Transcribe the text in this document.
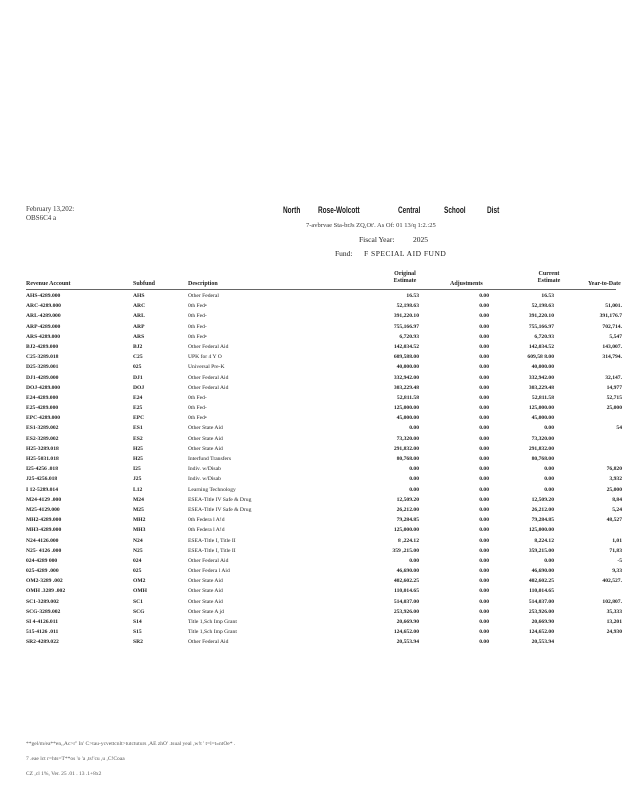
February 13,202:
OBS6C4 a
North Rose-Wolcott	Central	School Dist
7-avbrvae Sta-brJs ZQ,Ot'. As Of: 01 13/q 1:2.:25
Fiscal Year: 2025
Fund: F SPECIAL AID FUND
Revenue Account	Subfund	Description
Original Estimate	Adjustments
Current Estimate	Year-to-Date
AHS-4289.000	AHS	Other Federal	16.53	0.00	16.53
ARC-4289.000	ARC	0th Fed•	52,198.63	0.00	52,198.63	51,001.
ARL-4289.000	ARL	0th Fed-	391,220.10	0.00	391,220.10	391,176.7
ARP-4289.000	ARP	0th Fed-	755,166.97	0.00	755,166.97	702,714.
ARS-4289.000	ARS	0th Fed•	6,720.93	0.00	6,720.93	5,547
BJ2-4289.000	BJ2	Other Federal Aid	142,034.52	0.00	142,034.52	143,007.
C25-3289.018	C25	UPK for 4 Y O	609,588.00	0.00	609,58 8.00	314,794.
D25-3289.001	025	Universal Pre-K	40,000.00	0.00	40,000.00
DJ1-4289.000	DJ1	Other Federal Aid	332,942.00	0.00	332,942.00	32,147.
DOJ-4289.000	DOJ	Other Federal Aid	303,229.48	0.00	303,229.48	14,977
E24-4289.000	E24	0th Fed-	52,811.58	0.00	52,811.58	52,715
E25-4289.000	E25	0th Fed-	125,000.00	0.00	125,000.00	25,000
EPC-4289.000	EPC	0th Fed•	45,000.00	0.00	45,000.00
ES1-3289.002	ES1	Other State Aid	0.00	0.00	0.00	54
ES2-3289.002	ES2	Other State Aid	73,320.00	0.00	73,320.00
H25-3289.018	H25	Other State Aid	291,832.00	0.00	291,832.00
H25-5031.018	H25	Interfund Transfers	80,768.00	0.00	80,768.00
I25-4256 .018	I25	Indiv. w/Disab	0.00	0.00	0.00	76,820
J25-4256.018	J25	Indiv. w/Disab	0.00	0.00	0.00	3,932
I 12-5289.014	L12	Learning Technology	0.00	0.00	0.00	25,000
M24-4129 .000	M24	ESEA-Title IV Safe & Drug	12,509.20	0.00	12,509.20	8,84
M25-4129.000	M25	ESEA-Title IV Safe & Drug	26,212.00	0.00	26,212.00	5,24
MH2-4289.000	MH2	0th Federa l A!d	79,284.85	0.00	79,284.85	48,527
MH3-4289.000	MH3	0th Federa l A!d	125,000.00	0.00	125,000.00
N24-4126.000	N24	ESEA-Title I, Title II	8 ,224.12	0.00	8,224.12	1,01
N25- 4126 .000	N25	ESEA-Title I, Title II	359 ,215.00	0.00	359,215.00	71,83
024-4289 000	024	Other Federal Aid	0.00	0.00	0.00	-5
025-4289 .000	025	Other Federa l Aid	46,690.00	0.00	46,690.00	9,33
OM2-3289 .002	OM2	Other State Aid	402,602.25	0.00	402,602.25	402,527.
OMH .3289 .002	OMH	Other State Aid	110,014.65	0.00	110,014.65
SC1-3289.002	SC1	Other State Aid	514,037.00	0.00	514,037.00	102,807.
SCG-3289.002	SCG	Other State A jd	253,926.00	0.00	253,926.00	35,333
SI 4-4126.011	S14	Title 1,Sch Imp Grant	20,669.90	0.00	20,669.90	13,201
515-4126 .011	S15	Title 1,Sch Imp Grant	124,652.00	0.00	124,652.00	24,930
SR2-4289.022	SR2	Other Federal Aid	20,553.94	0.00	20,553.94
**gel/m/ea**en,,Ac>r'' In' C>tau-ycvettcnlt>tutctuturs ,AE zhO' .tsual yeal ,w!t ' t=l=t»ntOe* .
7 .eae lct r=hts=T**os 'o 'a ,ts!'cu ,u ,C!Coaa
CZ ,cl 1%, Ver. 25 .01 . 13 .1+8x2
